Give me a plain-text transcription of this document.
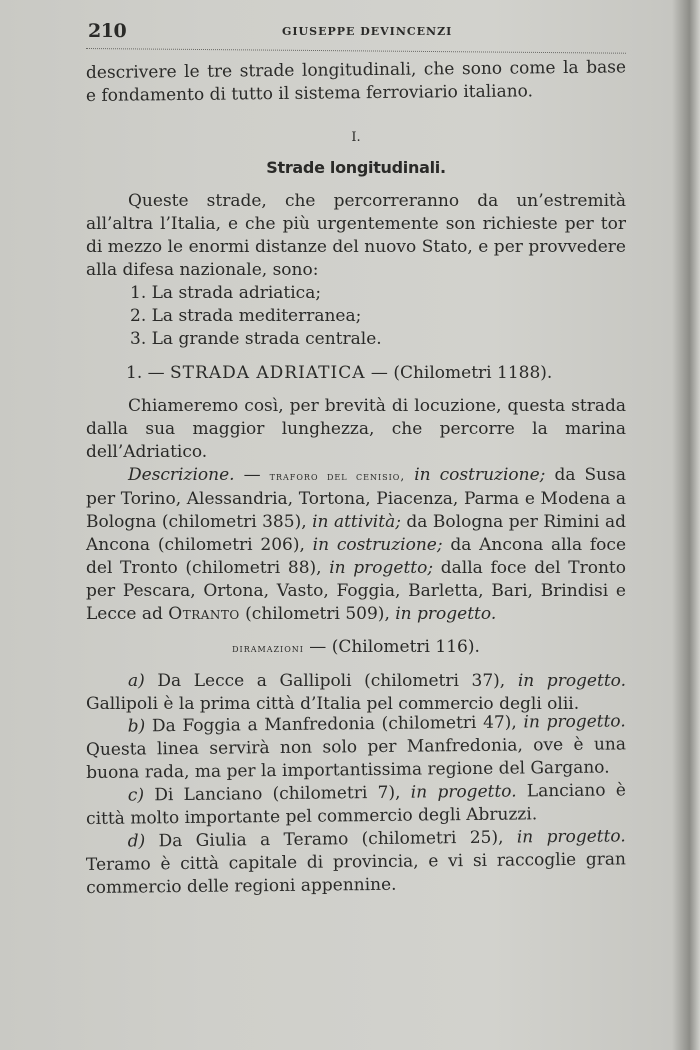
210	GIUSEPPE DEVINCENZI

descrivere le tre strade longitudinali, che sono come la base

e fondamento di tutto il sistema ferroviario italiano.

I.
Strade longitudinali.

Queste strade, che percorreranno da un’estremità all’altra l’Italia, e che più urgentemente son richieste per tor di mezzo le enormi distanze del nuovo Stato, e per provvedere alla difesa nazionale, sono:

1. La strada adriatica;
2. La strada mediterranea;
3. La grande strada centrale.
1. — STRADA ADRIATICA — (Chilometri 1188).

Chiameremo così, per brevità di locuzione, questa strada dalla sua maggior lunghezza, che percorre la marina dell’Adriatico.

Descrizione. — traforo del cenisio, in costruzione; da Susa per Torino, Alessandria, Tortona, Piacenza, Parma e Modena a Bologna (chilometri 385), in attività; da Bologna per Rimini ad Ancona (chilometri 206), in costruzione; da Ancona alla foce del Tronto (chilometri 88), in progetto; dalla foce del Tronto per Pescara, Ortona, Vasto, Foggia, Barletta, Bari, Brindisi e Lecce ad Otranto (chilometri 509), in progetto.

diramazioni — (Chilometri 116).

a) Da Lecce a Gallipoli (chilometri 37), in progetto. Gallipoli è la prima città d’Italia pel commercio degli olii.

b) Da Foggia a Manfredonia (chilometri 47), in progetto. Questa linea servirà non solo per Manfredonia, ove è una buona rada, ma per la importantissima regione del Gargano.

c) Di Lanciano (chilometri 7), in progetto. Lanciano è città molto importante pel commercio degli Abruzzi.

d) Da Giulia a Teramo (chilometri 25), in progetto. Teramo è città capitale di provincia, e vi si raccoglie gran commercio delle regioni appennine.
